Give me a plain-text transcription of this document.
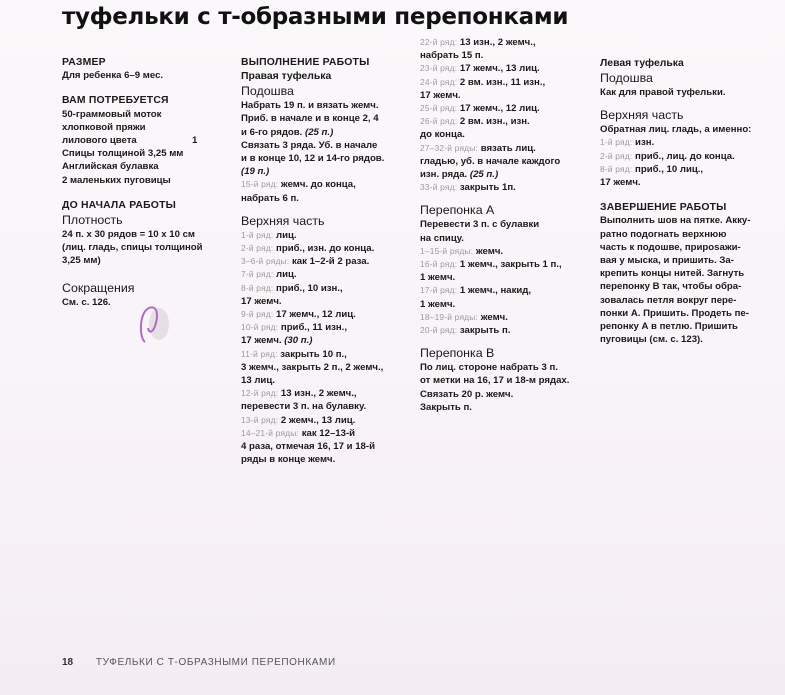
туфельки с т-образными перепонками
РАЗМЕР

Для ребенка 6–9 мес.

ВАМ ПОТРЕБУЕТСЯ

50-граммовый моток

хлопковой пряжи

лилового цвета	1

Спицы толщиной 3,25 мм

Английская булавка

2 маленьких пуговицы

ДО НАЧАЛА РАБОТЫ
Плотность

24 п. х 30 рядов = 10 х 10 см

(лиц. гладь, спицы толщиной

3,25 мм)

Сокращения

См. с. 126.

ВЫПОЛНЕНИЕ РАБОТЫ
Правая туфелька
Подошва

Набрать 19 п. и вязать жемч.

Приб. в начале и в конце 2, 4

и 6-го рядов. (25 п.)

Связать 3 ряда. Уб. в начале

и в конце 10, 12 и 14-го рядов.

(19 п.)

15-й ряд: жемч. до конца,

набрать 6 п.

Верхняя часть

1-й ряд: лиц.

2-й ряд: приб., изн. до конца.

3–6-й ряды: как 1–2-й 2 раза.

7-й ряд: лиц.

8-й ряд: приб., 10 изн.,

17 жемч.

9-й ряд: 17 жемч., 12 лиц.

10-й ряд: приб., 11 изн.,

17 жемч. (30 п.)

11-й ряд: закрыть 10 п.,

3 жемч., закрыть 2 п., 2 жемч.,

13 лиц.

12-й ряд: 13 изн., 2 жемч.,

перевести 3 п. на булавку.

13-й ряд: 2 жемч., 13 лиц.

14–21-й ряды: как 12–13-й

4 раза, отмечая 16, 17 и 18-й

ряды в конце жемч.

22-й ряд: 13 изн., 2 жемч.,

набрать 15 п.

23-й ряд: 17 жемч., 13 лиц.

24-й ряд: 2 вм. изн., 11 изн.,

17 жемч.

25-й ряд: 17 жемч., 12 лиц.

26-й ряд: 2 вм. изн., изн.

до конца.

27–32-й ряды: вязать лиц.

гладью, уб. в начале каждого

изн. ряда. (25 п.)

33-й ряд: закрыть 1п.

Перепонка А

Перевести 3 п. с булавки

на спицу.

1–15-й ряды: жемч.

16-й ряд: 1 жемч., закрыть 1 п.,

1 жемч.

17-й ряд: 1 жемч., накид,

1 жемч.

18–19-й ряды: жемч.

20-й ряд: закрыть п.

Перепонка В

По лиц. стороне набрать 3 п.

от метки на 16, 17 и 18-м рядах.

Связать 20 р. жемч.

Закрыть п.

Левая туфелька
Подошва

Как для правой туфельки.

Верхняя часть

Обратная лиц. гладь, а именно:

1-й ряд: изн.

2-й ряд: приб., лиц. до конца.

8-й ряд: приб., 10 лиц.,

17 жемч.

ЗАВЕРШЕНИЕ РАБОТЫ

Выполнить шов на пятке. Акку-

ратно подогнать верхнюю

часть к подошве, приposaжи-

вая у мыска, и пришить. За-

крепить концы нитей. Загнуть

перепонку В так, чтобы обра-

зовалась петля вокруг пере-

понки А. Пришить. Продеть пе-

репонку А в петлю. Пришить

пуговицы (см. с. 123).

18 ТУФЕЛЬКИ С Т-ОБРАЗНЫМИ ПЕРЕПОНКАМИ
